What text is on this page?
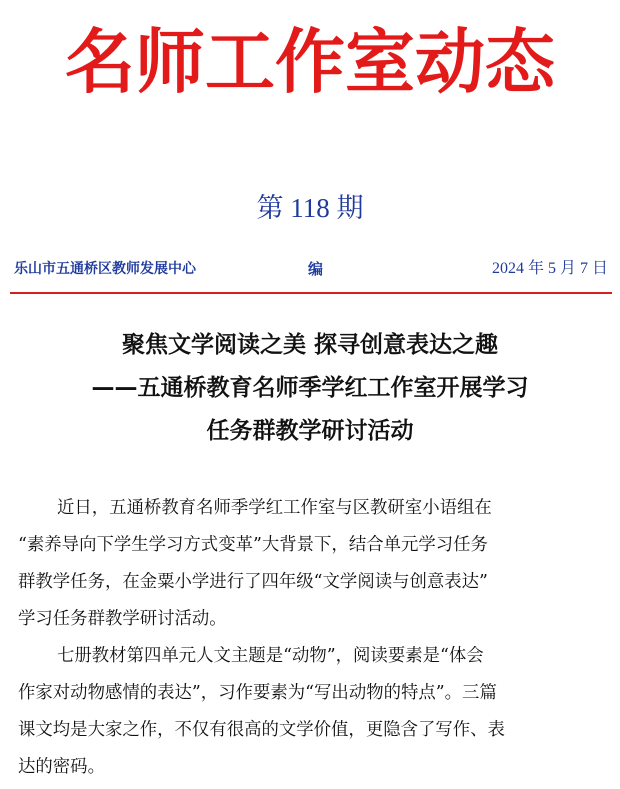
名师工作室动态
第 118 期
乐山市五通桥区教师发展中心	编	2024 年 5 月 7 日
聚焦文学阅读之美 探寻创意表达之趣
——五通桥教育名师季学红工作室开展学习
任务群教学研讨活动
近日，五通桥教育名师季学红工作室与区教研室小语组在
“素养导向下学生学习方式变革”大背景下，结合单元学习任务
群教学任务，在金粟小学进行了四年级“文学阅读与创意表达”
学习任务群教学研讨活动。
七册教材第四单元人文主题是“动物”，阅读要素是“体会
作家对动物感情的表达”，习作要素为“写出动物的特点”。三篇
课文均是大家之作，不仅有很高的文学价值，更隐含了写作、表
达的密码。
